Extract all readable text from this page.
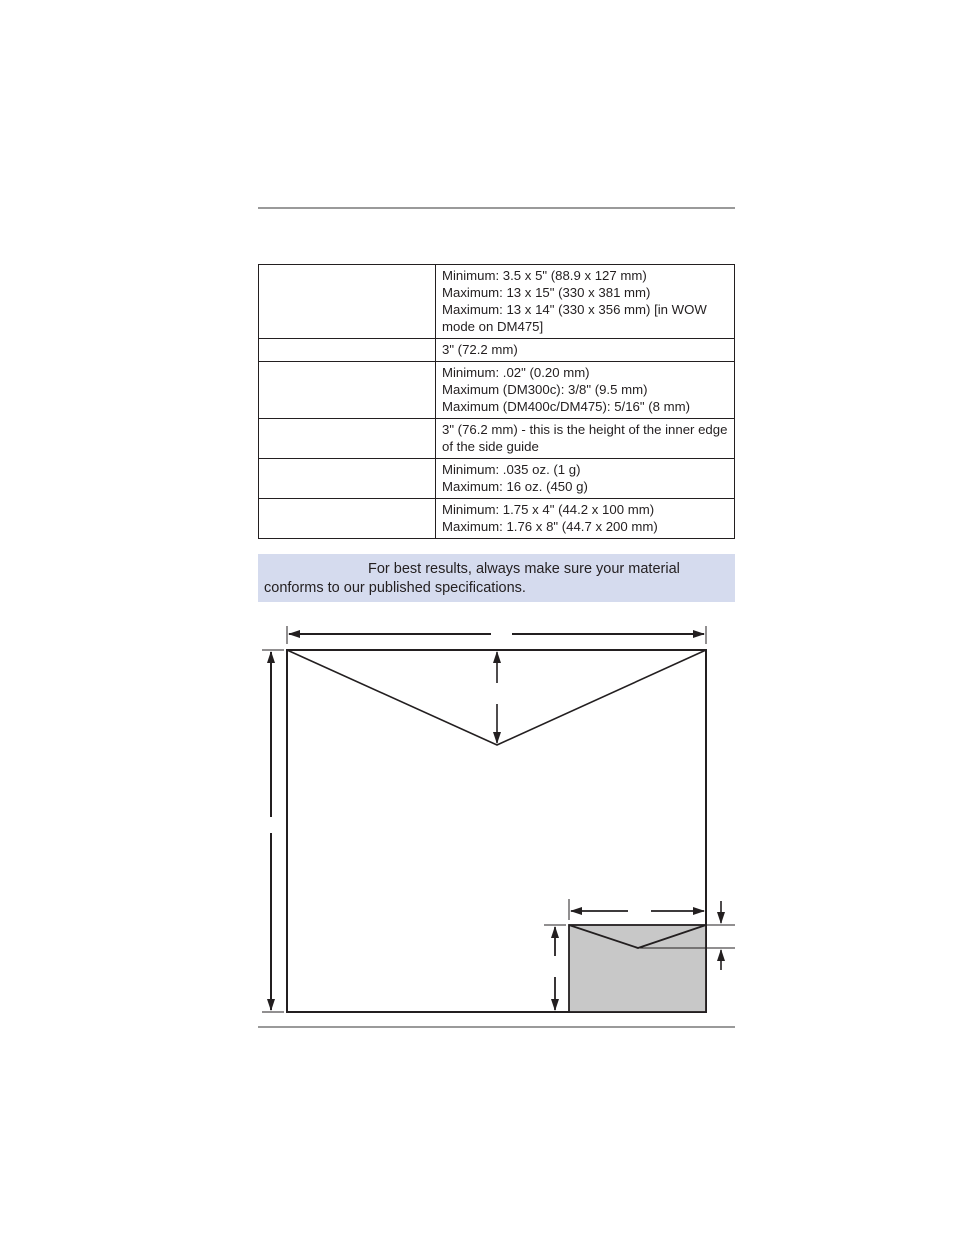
	Minimum: 3.5 x 5" (88.9 x 127 mm)
Maximum: 13 x 15" (330 x 381 mm)
Maximum: 13 x 14" (330 x 356 mm) [in WOW mode on DM475]

	3" (72.2 mm)

	Minimum: .02" (0.20 mm)
Maximum (DM300c): 3/8" (9.5 mm)
Maximum (DM400c/DM475): 5/16" (8 mm)

	3" (76.2 mm) - this is the height of the inner edge of the side guide

	Minimum: .035 oz. (1 g)
Maximum: 16 oz. (450 g)

	Minimum: 1.75 x 4" (44.2 x 100 mm)
Maximum: 1.76 x 8" (44.7 x 200 mm)
For best results, always make sure your material
conforms to our published specifications.
